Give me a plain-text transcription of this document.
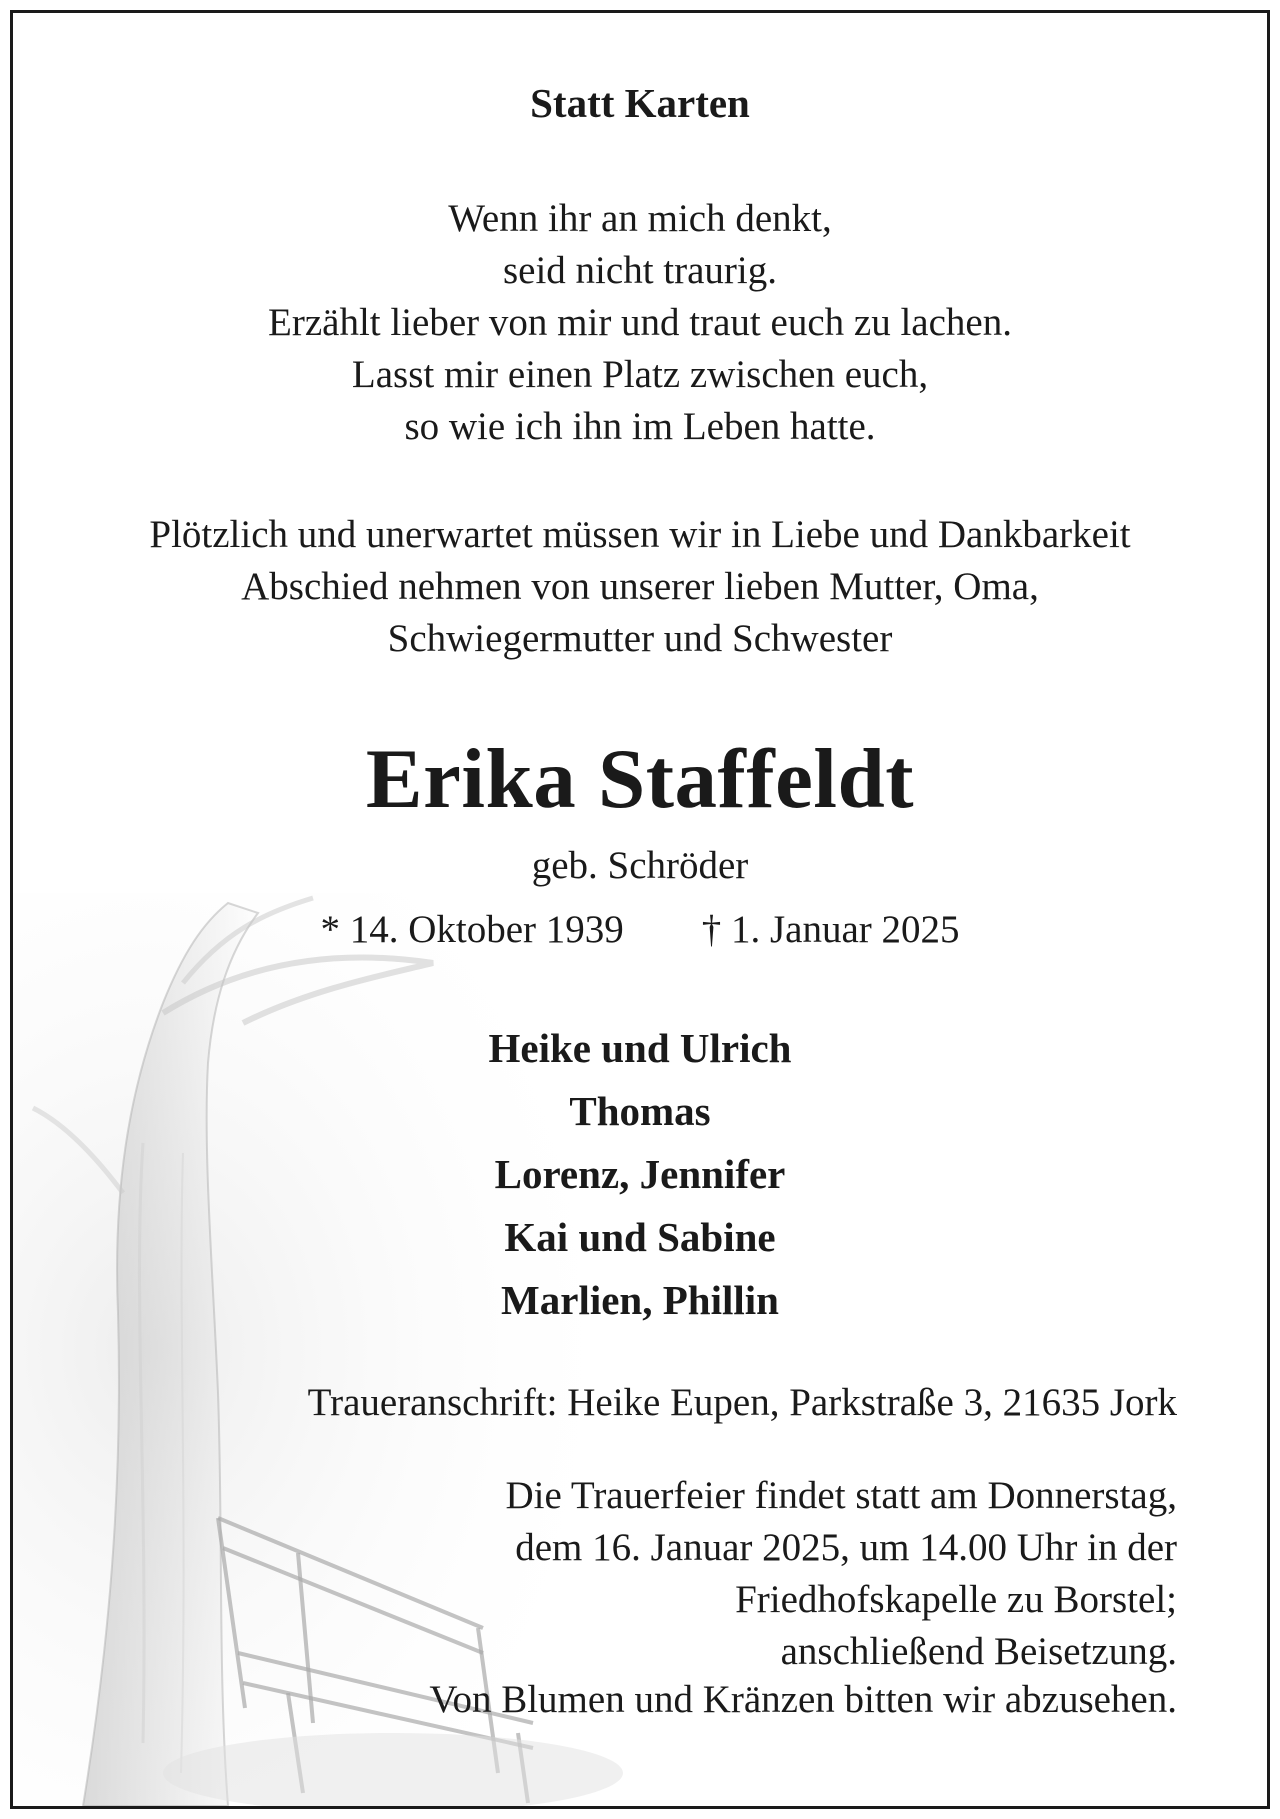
Statt Karten
Wenn ihr an mich denkt,
seid nicht traurig.
Erzählt lieber von mir und traut euch zu lachen.
Lasst mir einen Platz zwischen euch,
so wie ich ihn im Leben hatte.
Plötzlich und unerwartet müssen wir in Liebe und Dankbarkeit
Abschied nehmen von unserer lieben Mutter, Oma,
Schwiegermutter und Schwester
Erika Staffeldt
geb. Schröder
* 14. Oktober 1939 † 1. Januar 2025
Heike und Ulrich
Thomas
Lorenz, Jennifer
Kai und Sabine
Marlien, Phillin
Traueranschrift: Heike Eupen, Parkstraße 3, 21635 Jork
Die Trauerfeier findet statt am Donnerstag,
dem 16. Januar 2025, um 14.00 Uhr in der
Friedhofskapelle zu Borstel;
anschließend Beisetzung.
Von Blumen und Kränzen bitten wir abzusehen.
